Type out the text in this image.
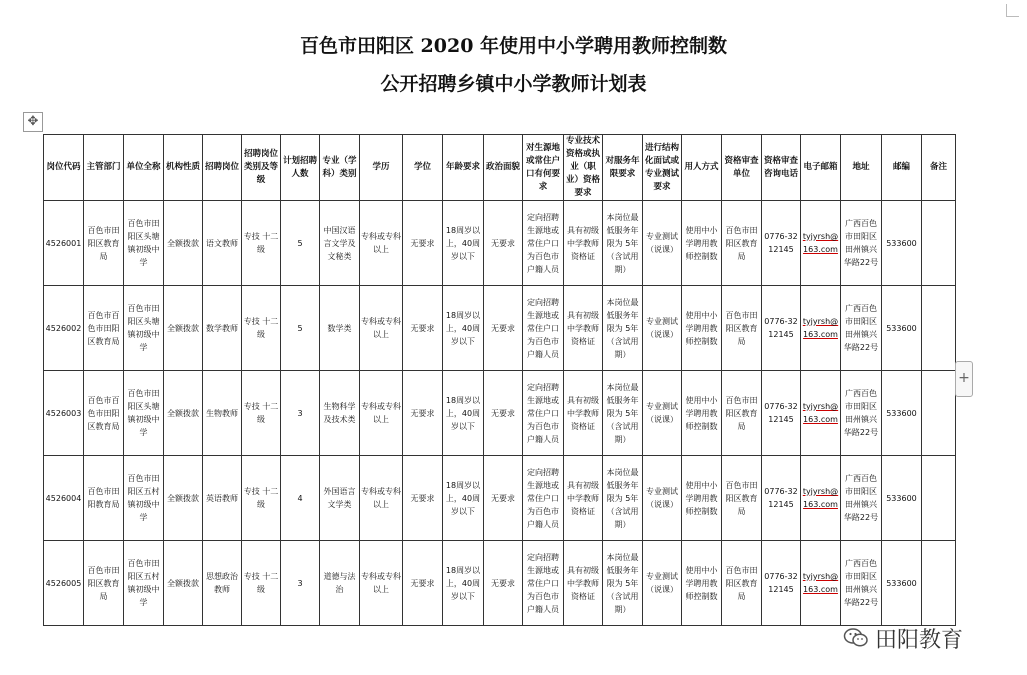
百色市田阳区 2020 年使用中小学聘用教师控制数
公开招聘乡镇中小学教师计划表
✥
岗位代码	主管部门	单位全称	机构性质	招聘岗位	招聘岗位类别及等级	计划招聘人数	专业（学科）类别	学历	学位	年龄要求	政治面貌	对生源地或常住户口有何要求	专业技术资格或执业（职业）资格要求	对服务年限要求	进行结构化面试或专业测试要求	用人方式	资格审查单位	资格审查咨询电话	电子邮箱	地址	邮编	备注
4526001	百色市田阳区教育局	百色市田阳区头塘镇初级中学	全额拨款	语文教师	专技 十二级	5	中国汉语言文学及文秘类	专科或专科以上	无要求	18周岁以上，40周岁以下	无要求	定向招聘生源地或常住户口为百色市户籍人员	具有初级中学教师资格证	本岗位最低服务年限为 5年（含试用期）	专业测试（说课）	使用中小学聘用教师控制数	百色市田阳区教育局	0776-3212145	tyjyrsh@163.com	广西百色市田阳区田州镇兴华路22号	533600	
4526002	百色市百色市田阳区教育局	百色市田阳区头塘镇初级中学	全额拨款	数学教师	专技 十二级	5	数学类	专科或专科以上	无要求	18周岁以上，40周岁以下	无要求	定向招聘生源地或常住户口为百色市户籍人员	具有初级中学教师资格证	本岗位最低服务年限为 5年（含试用期）	专业测试（说课）	使用中小学聘用教师控制数	百色市田阳区教育局	0776-3212145	tyjyrsh@163.com	广西百色市田阳区田州镇兴华路22号	533600	
4526003	百色市百色市田阳区教育局	百色市田阳区头塘镇初级中学	全额拨款	生物教师	专技 十二级	3	生物科学及技术类	专科或专科以上	无要求	18周岁以上，40周岁以下	无要求	定向招聘生源地或常住户口为百色市户籍人员	具有初级中学教师资格证	本岗位最低服务年限为 5年（含试用期）	专业测试（说课）	使用中小学聘用教师控制数	百色市田阳区教育局	0776-3212145	tyjyrsh@163.com	广西百色市田阳区田州镇兴华路22号	533600	
4526004	百色市田阳教育局	百色市田阳区五村镇初级中学	全额拨款	英语教师	专技 十二级	4	外国语言文学类	专科或专科以上	无要求	18周岁以上，40周岁以下	无要求	定向招聘生源地或常住户口为百色市户籍人员	具有初级中学教师资格证	本岗位最低服务年限为 5年（含试用期）	专业测试（说课）	使用中小学聘用教师控制数	百色市田阳区教育局	0776-3212145	tyjyrsh@163.com	广西百色市田阳区田州镇兴华路22号	533600	
4526005	百色市田阳区教育局	百色市田阳区五村镇初级中学	全额拨款	思想政治教师	专技 十二级	3	道德与法治	专科或专科以上	无要求	18周岁以上，40周岁以下	无要求	定向招聘生源地或常住户口为百色市户籍人员	具有初级中学教师资格证	本岗位最低服务年限为 5年（含试用期）	专业测试（说课）	使用中小学聘用教师控制数	百色市田阳区教育局	0776-3212145	tyjyrsh@163.com	广西百色市田阳区田州镇兴华路22号	533600	
+
田阳教育
